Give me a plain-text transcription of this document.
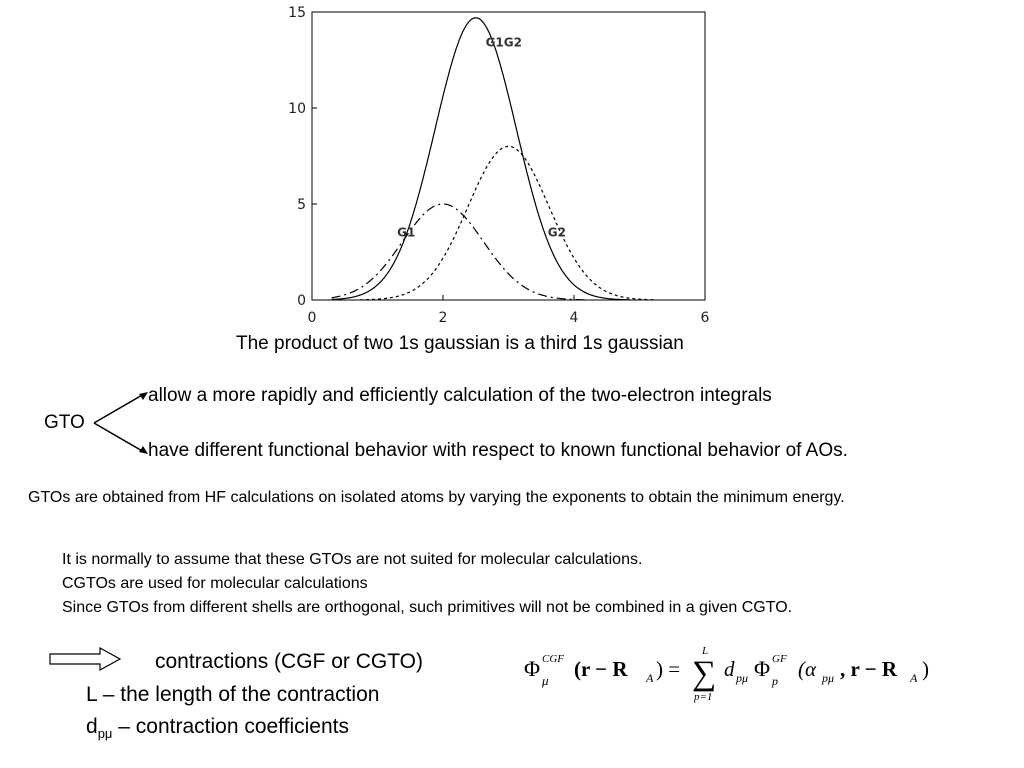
0	2	4	6
0
5
10
15
G1	G2
G1G2
The product of two 1s gaussian is a third 1s gaussian
GTO
allow a more rapidly and efficiently calculation of the two-electron integrals
have different functional behavior with respect to known functional behavior of AOs.
GTOs are obtained from HF calculations on isolated atoms by varying the exponents to obtain the minimum energy.
It is normally to assume that these GTOs are not suited for molecular calculations.
CGTOs are used for molecular calculations
Since GTOs from different shells are orthogonal, such primitives will not be combined in a given CGTO.
contractions (CGF or CGTO)
L – the length of the contraction
$d_{p\mu}$ – contraction coefficients
Φ CGF
μ (r − R A ) =
L
∑
p=1
d pμ Φ GF
p (α pμ , r − R A )
